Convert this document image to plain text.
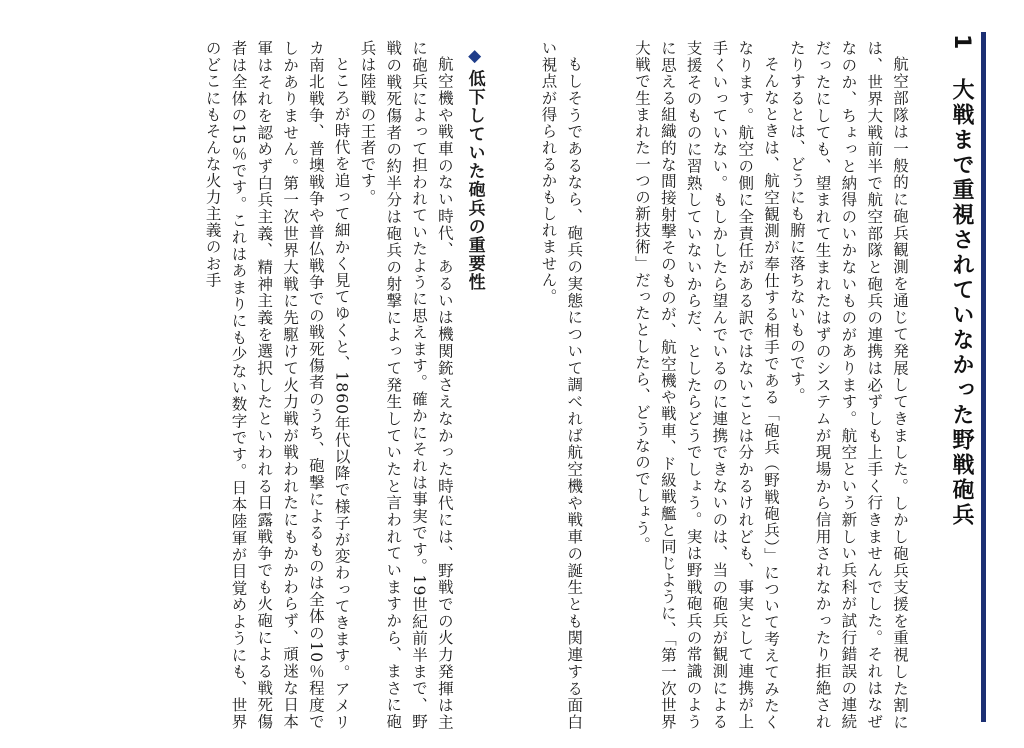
1 大戦まで重視されていなかった野戦砲兵

航空部隊は一般的に砲兵観測を通じて発展してきました。しかし砲兵支援を重視した割には、世界大戦前半で航空部隊と砲兵の連携は必ずしも上手く行きませんでした。それはなぜなのか、ちょっと納得のいかないものがあります。航空という新しい兵科が試行錯誤の連続だったにしても、望まれて生まれたはずのシステムが現場から信用されなかったり拒絶されたりするとは、どうにも腑に落ちないものです。

そんなときは、航空観測が奉仕する相手である「砲兵（野戦砲兵）」について考えてみたくなります。航空の側に全責任がある訳ではないことは分かるけれども、事実として連携が上手くいっていない。もしかしたら望んでいるのに連携できないのは、当の砲兵が観測による支援そのものに習熟していないからだ、としたらどうでしょう。実は野戦砲兵の常識のように思える組織的な間接射撃そのものが、航空機や戦車、ド級戦艦と同じように、「第一次世界大戦で生まれた一つの新技術」だったとしたら、どうなのでしょう。

もしそうであるなら、砲兵の実態について調べれば航空機や戦車の誕生とも関連する面白い視点が得られるかもしれません。

◆低下していた砲兵の重要性

航空機や戦車のない時代、あるいは機関銃さえなかった時代には、野戦での火力発揮は主に砲兵によって担われていたように思えます。確かにそれは事実です。19世紀前半まで、野戦の戦死傷者の約半分は砲兵の射撃によって発生していたと言われていますから、まさに砲兵は陸戦の王者です。

ところが時代を追って細かく見てゆくと、1860年代以降で様子が変わってきます。アメリカ南北戦争、普墺戦争や普仏戦争での戦死傷者のうち、砲撃によるものは全体の10％程度でしかありません。第一次世界大戦に先駆けて火力戦が戦われたにもかかわらず、頑迷な日本軍はそれを認めず白兵主義、精神主義を選択したといわれる日露戦争でも火砲による戦死傷者は全体の15％です。これはあまりにも少ない数字です。日本陸軍が目覚めようにも、世界のどこにもそんな火力主義のお手
